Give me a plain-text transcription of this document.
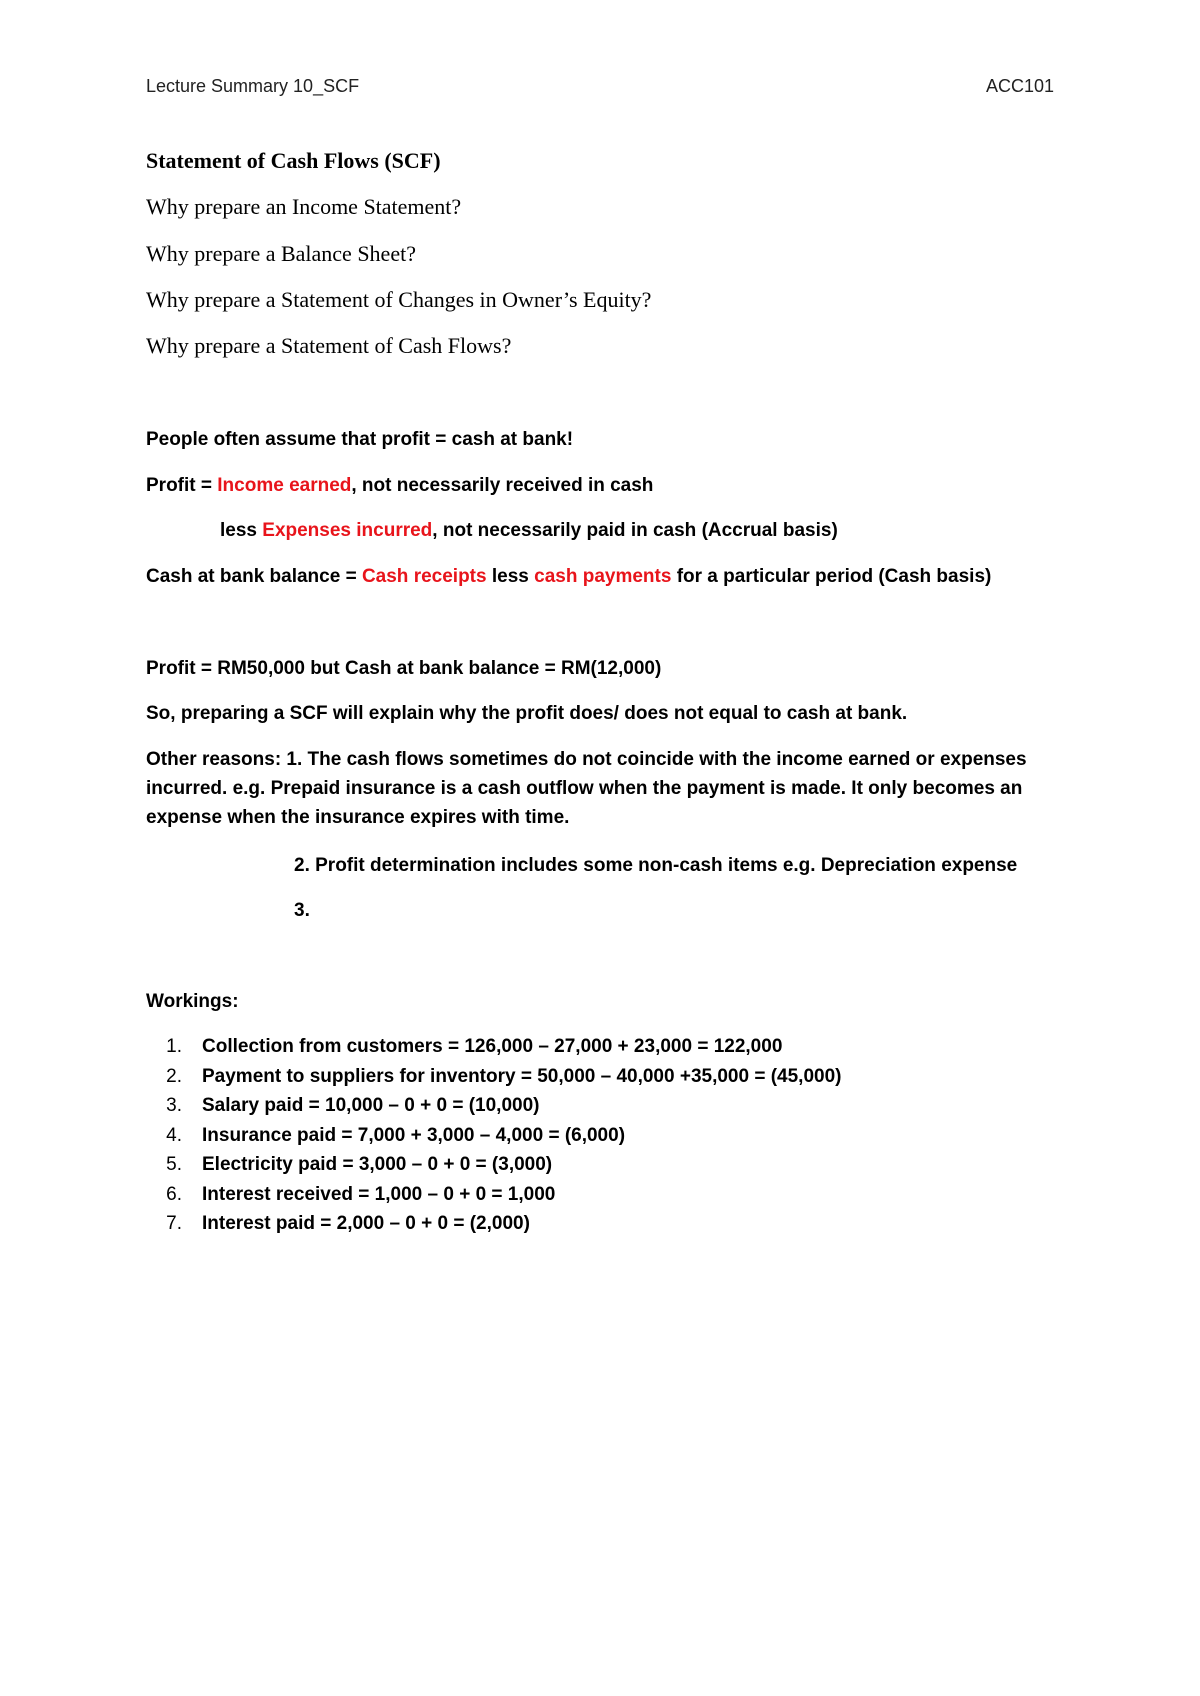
Lecture Summary 10_SCF	ACC101
Statement of Cash Flows (SCF)
Why prepare an Income Statement?
Why prepare a Balance Sheet?
Why prepare a Statement of Changes in Owner’s Equity?
Why prepare a Statement of Cash Flows?
People often assume that profit = cash at bank!
Profit = Income earned, not necessarily received in cash
less Expenses incurred, not necessarily paid in cash (Accrual basis)
Cash at bank balance = Cash receipts less cash payments for a particular period (Cash basis)
Profit = RM50,000 but Cash at bank balance = RM(12,000)
So, preparing a SCF will explain why the profit does/ does not equal to cash at bank.
Other reasons: 1. The cash flows sometimes do not coincide with the income earned or expenses incurred. e.g. Prepaid insurance is a cash outflow when the payment is made. It only becomes an expense when the insurance expires with time.
2. Profit determination includes some non-cash items e.g. Depreciation expense
3.
Workings:
1. Collection from customers = 126,000 – 27,000 + 23,000 = 122,000
2. Payment to suppliers for inventory = 50,000 – 40,000 +35,000 = (45,000)
3. Salary paid = 10,000 – 0 + 0 = (10,000)
4. Insurance paid = 7,000 + 3,000 – 4,000 = (6,000)
5. Electricity paid = 3,000 – 0 + 0 = (3,000)
6. Interest received = 1,000 – 0 + 0 = 1,000
7. Interest paid = 2,000 – 0 + 0 = (2,000)
